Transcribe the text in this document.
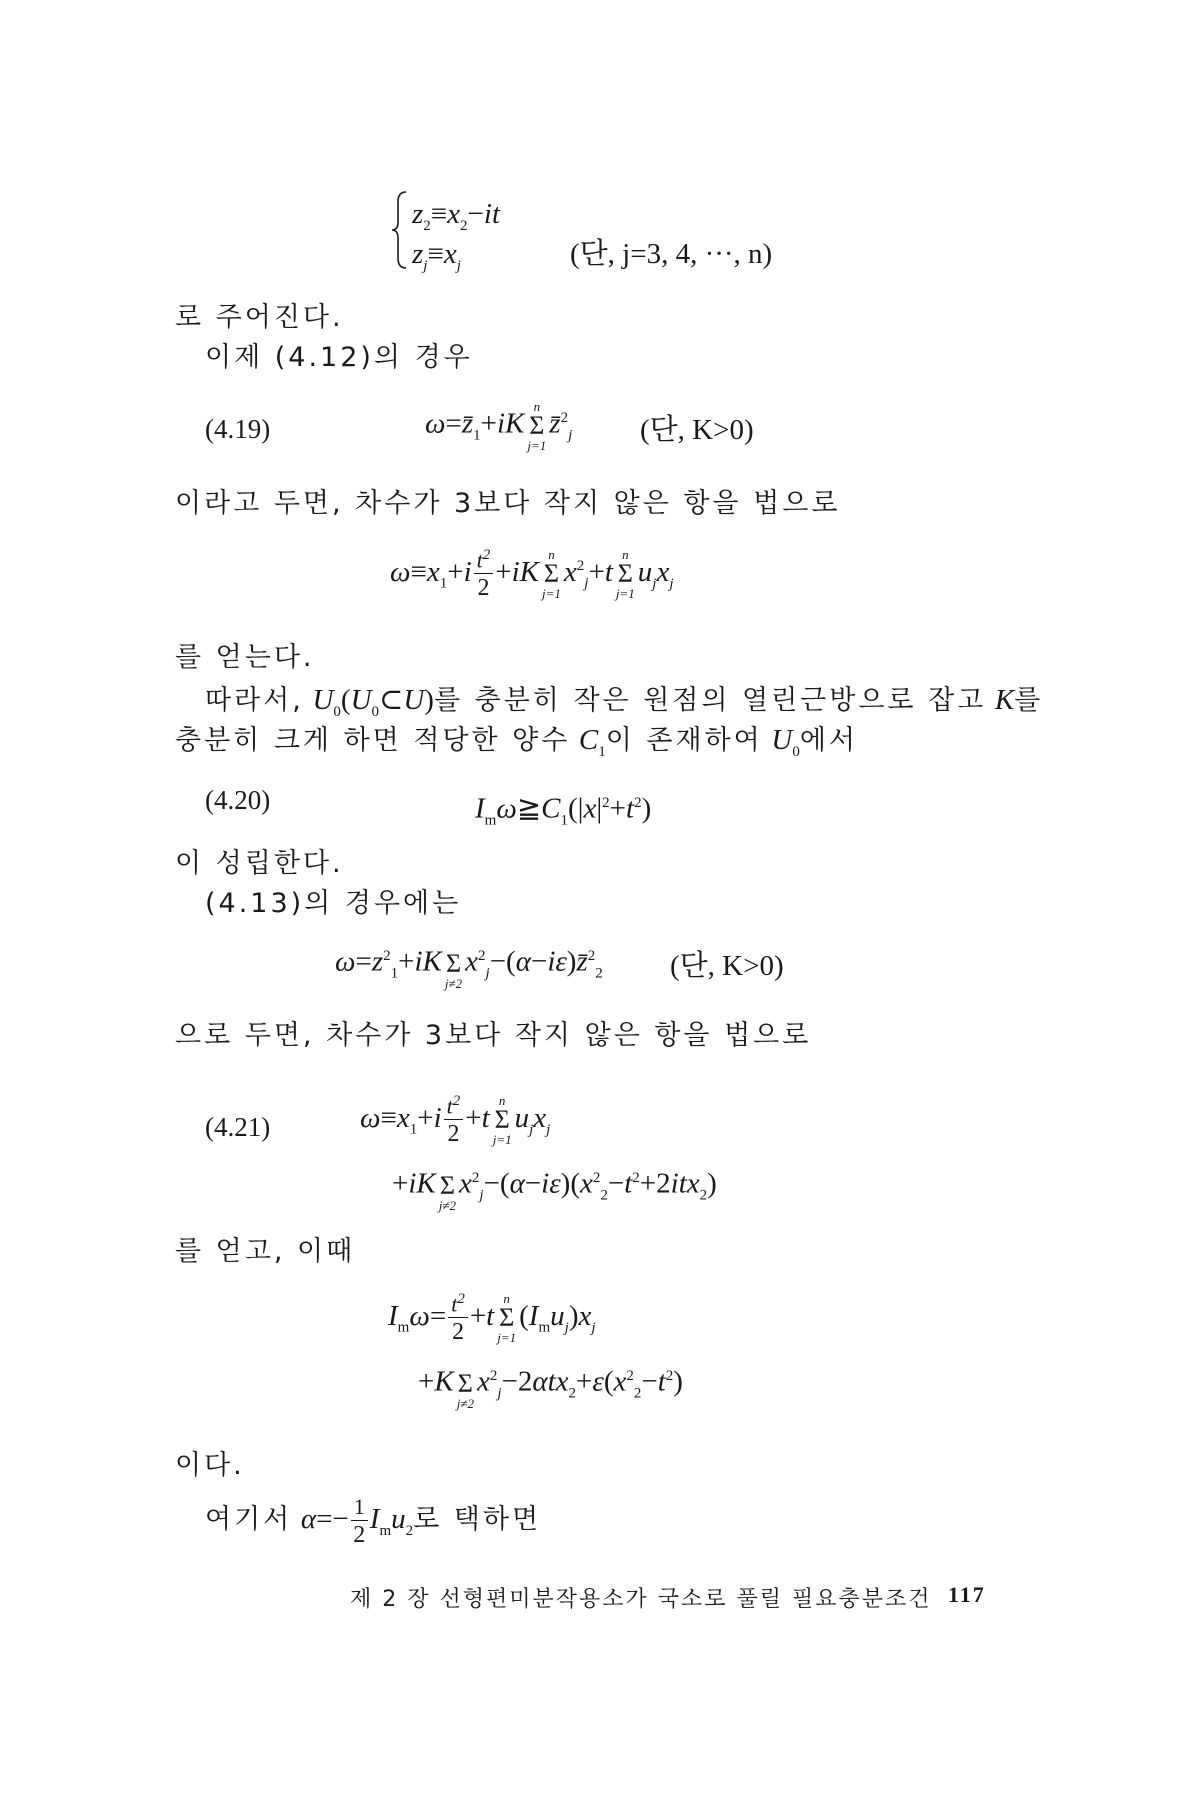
$z_2\equiv x_2-it$
$z_j\equiv x_j$	(단, j=3, 4, ···, n)
로 주어진다.
이제 (4.12)의 경우
(4.19)	$\omega=z̄_1+iK$
n
Σ
j=1
z̄$^2_j$ (단, K>0)
이라고 두면, 차수가 3보다 작지 않은 항을 법으로
$\omega\equiv x_1+i \frac{t^2}{2} +iK$
n
Σ
j=1
$x^2_j+t$
n
Σ
j=1
$u_jx_j$
를 얻는다.
따라서, $U_0(U_0\subset U)$를 충분히 작은 원점의 열린근방으로 잡고 K를
충분히 크게 하면 적당한 양수 $C_1$이 존재하여 $U_0$에서
(4.20)	$I_m\omega≧C_1(|x|^2+t^2)$
이 성립한다.
(4.13)의 경우에는
$\omega=z^2_1+iK$
Σ
j≠2
$x^2_j-(\alpha-i\varepsilon)z̄^2_2$ (단, K>0)
으로 두면, 차수가 3보다 작지 않은 항을 법으로
(4.21)	$\omega\equiv x_1+i \frac{t^2}{2} +t$
n
Σ
j=1
$u_jx_j$
+iK
Σ
j≠2
$x^2_j-(\alpha-i\varepsilon)(x^2_2-t^2+2itx_2)$
를 얻고, 이때
$I_m\omega= \frac{t^2}{2} +t$
n
Σ
j=1
$(I_mu_j)x_j$
+K
Σ
j≠2
$x^2_j-2\alpha tx_2+\varepsilon(x^2_2-t^2)$
이다.
여기서 $\alpha=- \frac{1}{2} I_mu_2$로 택하면
제 2 장 선형편미분작용소가 국소로 풀릴 필요충분조건 117
